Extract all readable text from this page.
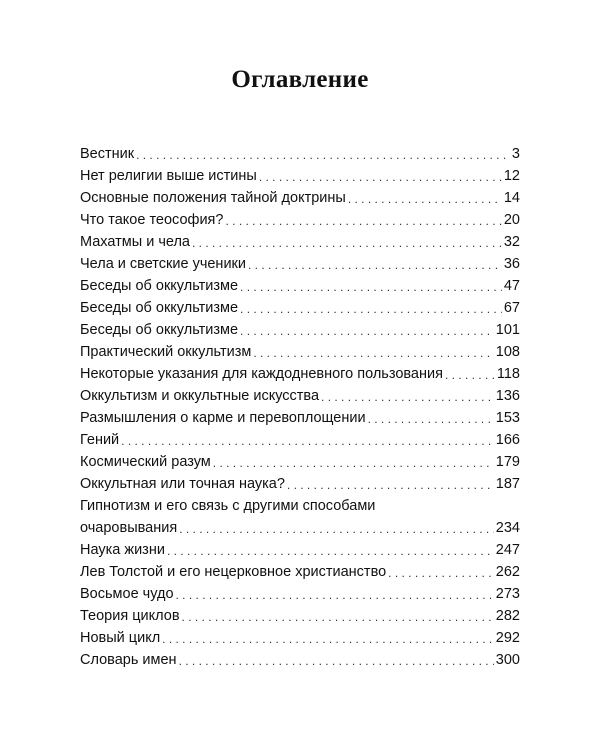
Оглавление
Вестник . . .	3
Нет религии выше истины . . .	12
Основные положения тайной доктрины . . .	14
Что такое теософия? . . .	20
Махатмы и чела . . .	32
Чела и светские ученики . . .	36
Беседы об оккультизме . . .	47
Беседы об оккультизме . . .	67
Беседы об оккультизме . . .	101
Практический оккультизм . . .	108
Некоторые указания для каждодневного пользования . . .	118
Оккультизм и оккультные искусства . . .	136
Размышления о карме и перевоплощении . . .	153
Гений . . .	166
Космический разум . . .	179
Оккультная или точная наука? . . .	187
Гипнотизм и его связь с другими способами
очаровывания . . .	234
Наука жизни . . .	247
Лев Толстой и его нецерковное христианство . . .	262
Восьмое чудо . . .	273
Теория циклов . . .	282
Новый цикл . . .	292
Словарь имен . . .	300
